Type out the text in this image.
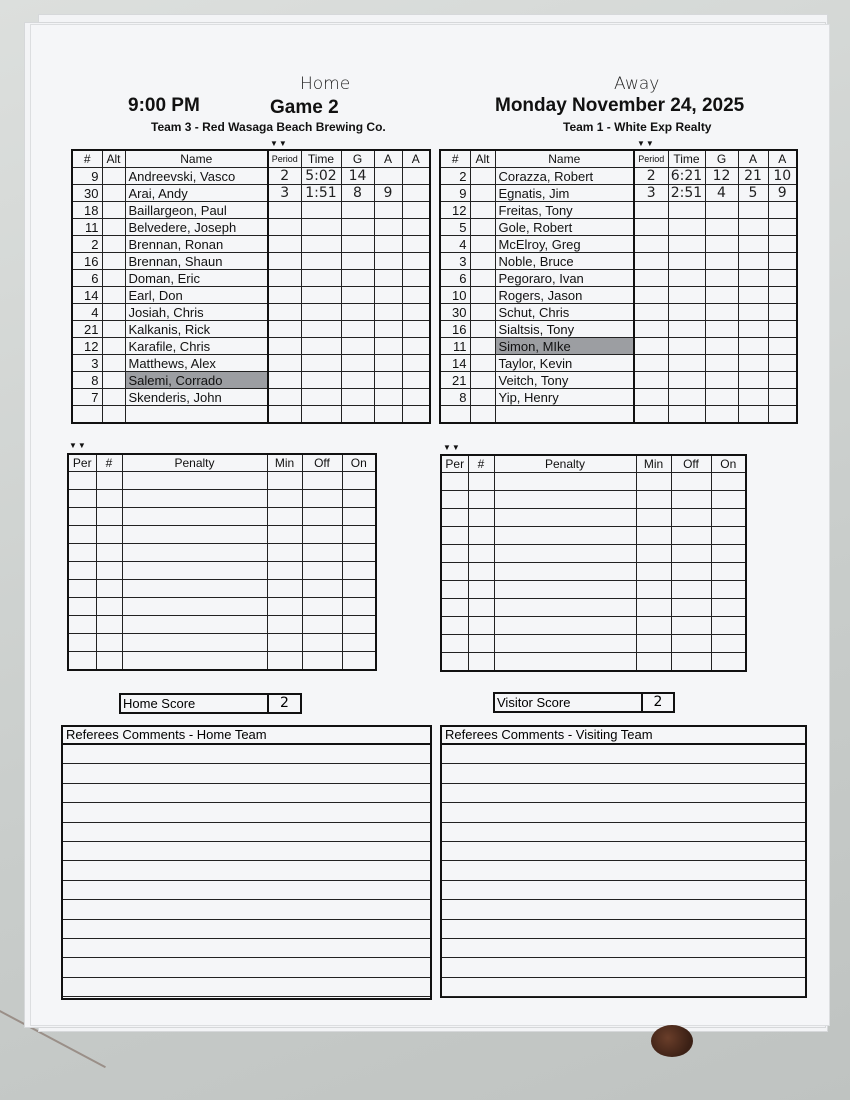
Home	Away
9:00 PM	Game 2	Monday November 24, 2025
Team 3 - Red Wasaga Beach Brewing Co.	Team 1 - White Exp Realty
▼▼	▼▼
▼▼	▼▼
#	Alt	Name	Period	Time	G	A	A
9		Andreevski, Vasco	2	5:02	14		
30		Arai, Andy	3	1:51	8	9	
18		Baillargeon, Paul					
11		Belvedere, Joseph					
2		Brennan, Ronan					
16		Brennan, Shaun					
6		Doman, Eric					
14		Earl, Don					
4		Josiah, Chris					
21		Kalkanis, Rick					
12		Karafile, Chris					
3		Matthews, Alex					
8		Salemi, Corrado					
7		Skenderis, John					

#	Alt	Name	Period	Time	G	A	A
2		Corazza, Robert	2	6:21	12	21	10
9		Egnatis, Jim	3	2:51	4	5	9
12		Freitas, Tony					
5		Gole, Robert					
4		McElroy, Greg					
3		Noble, Bruce					
6		Pegoraro, Ivan					
10		Rogers, Jason					
30		Schut, Chris					
16		Sialtsis, Tony					
11		Simon, MIke					
14		Taylor, Kevin					
21		Veitch, Tony					
8		Yip, Henry					

Per	#	Penalty	Min	Off	On

						Per	#	Penalty	Min	Off	On

Home Score	2	Visitor Score	2
Referees Comments - Home Team	Referees Comments - Visiting Team
